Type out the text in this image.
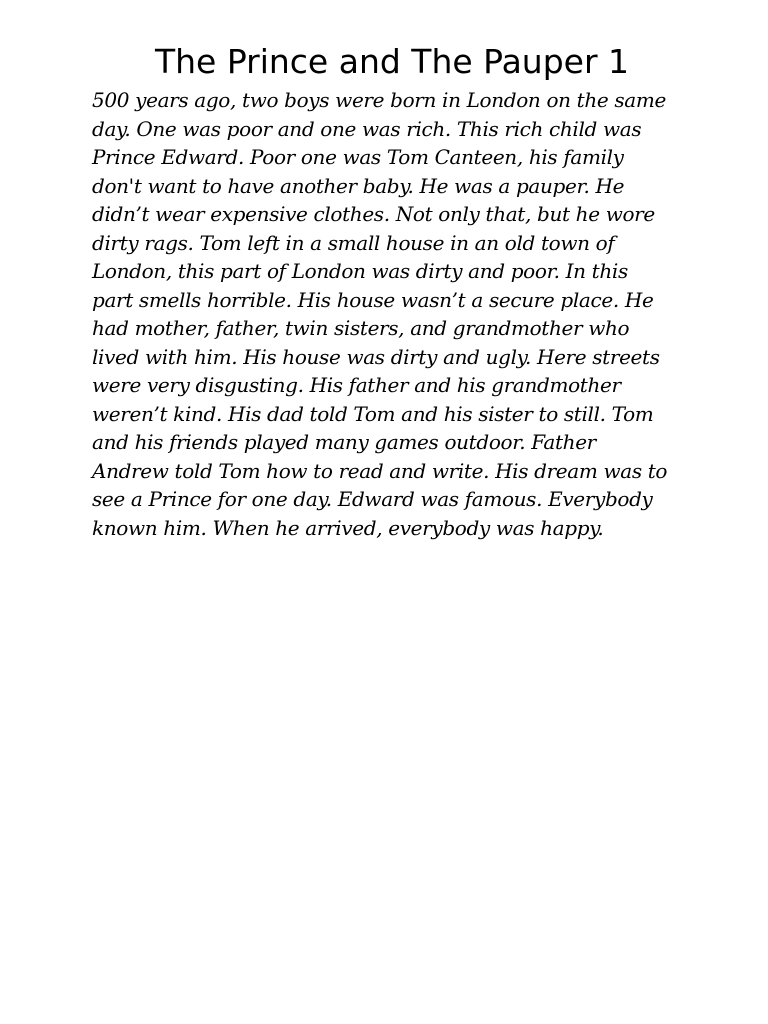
The Prince and The Pauper 1

500 years ago, two boys were born in London on the same day. One was poor and one was rich. This rich child was Prince Edward. Poor one was Tom Canteen, his family don't want to have another baby. He was a pauper. He didn’t wear expensive clothes. Not only that, but he wore dirty rags. Tom left in a small house in an old town of London, this part of London was dirty and poor. In this part smells horrible. His house wasn’t a secure place. He had mother, father, twin sisters, and grandmother who lived with him. His house was dirty and ugly. Here streets were very disgusting. His father and his grandmother weren’t kind. His dad told Tom and his sister to still. Tom and his friends played many games outdoor. Father Andrew told Tom how to read and write. His dream was to see a Prince for one day. Edward was famous. Everybody known him. When he arrived, everybody was happy.
